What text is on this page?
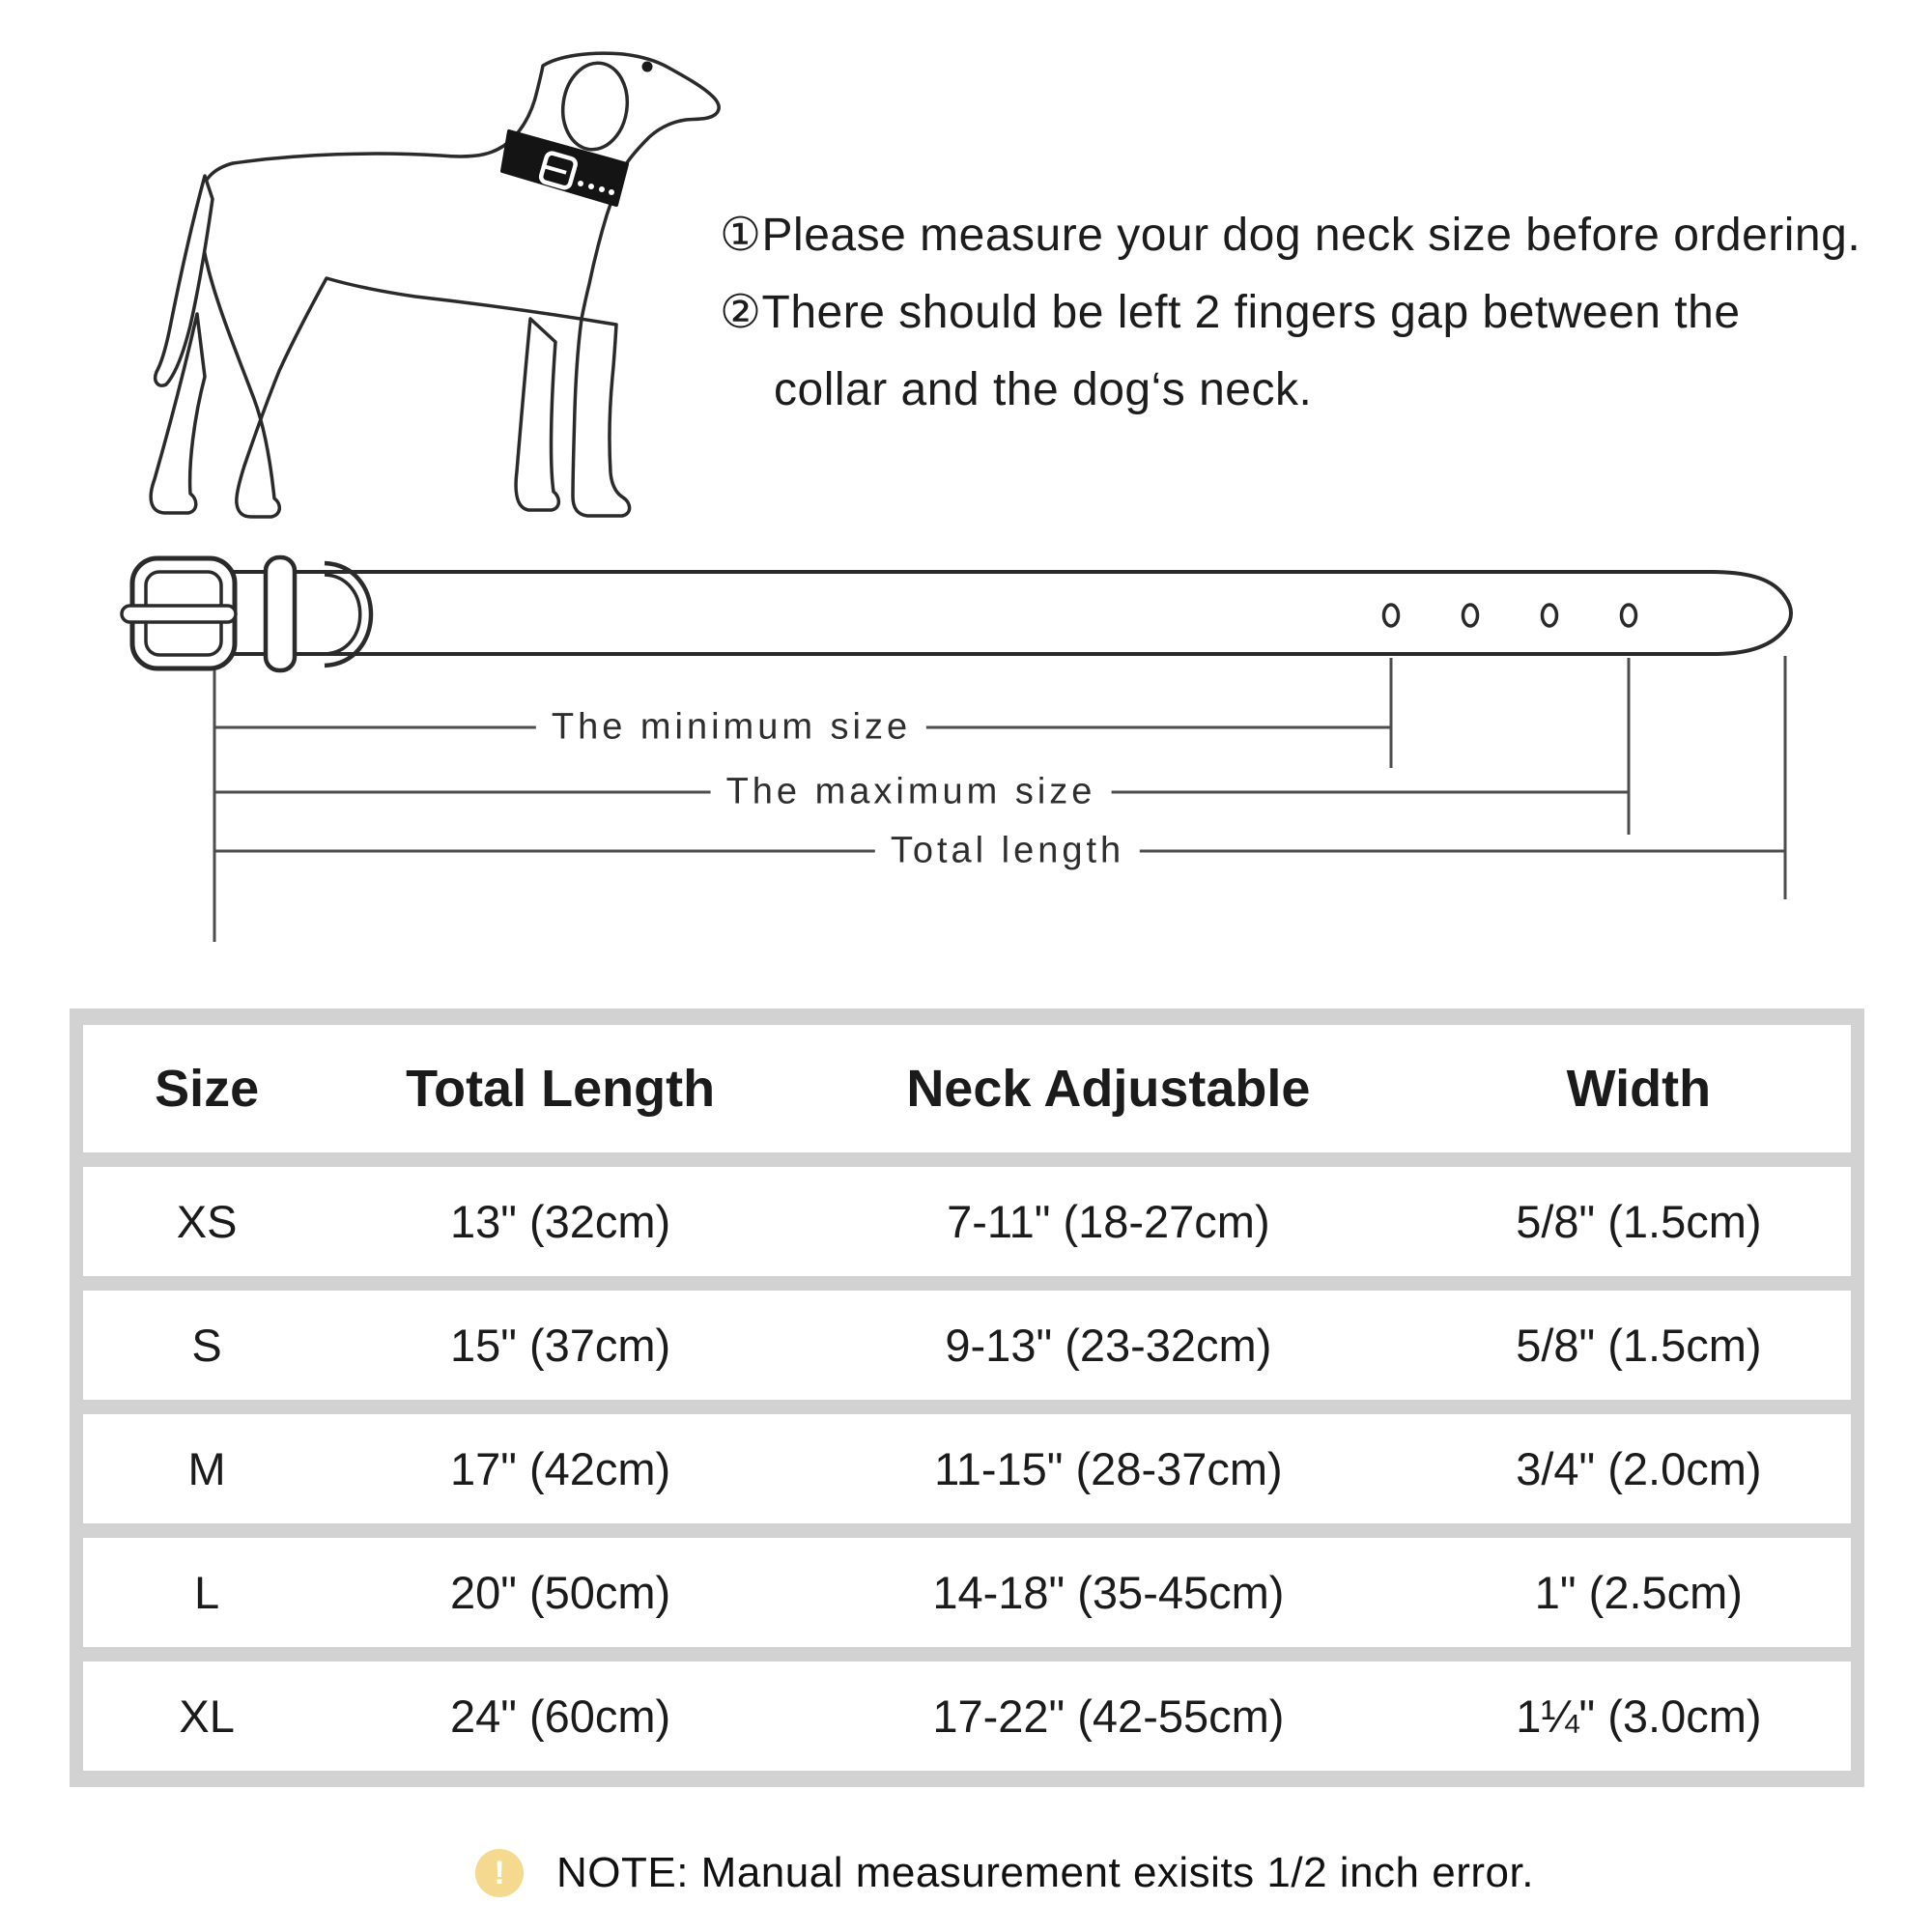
①Please measure your dog neck size before ordering.
②There should be left 2 fingers gap between the
collar and the dog‘s neck.
The minimum size
The maximum size
Total length
Size	Total Length	Neck Adjustable	Width
XS	13" (32cm)	7-11" (18-27cm)	5/8" (1.5cm)
S	15" (37cm)	9-13" (23-32cm)	5/8" (1.5cm)
M	17" (42cm)	11-15" (28-37cm)	3/4" (2.0cm)
L	20" (50cm)	14-18" (35-45cm)	1" (2.5cm)
XL	24" (60cm)	17-22" (42-55cm)	1¼" (3.0cm)
!	NOTE: Manual measurement exisits 1/2 inch error.
